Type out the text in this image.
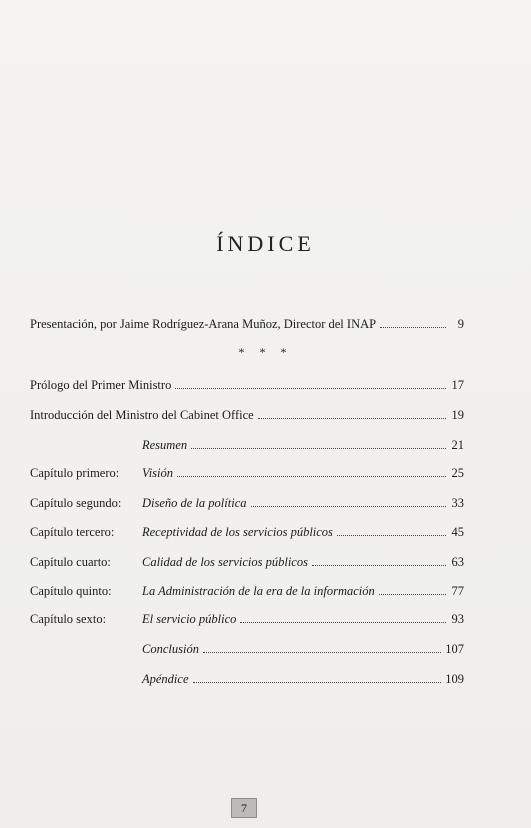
ÍNDICE
Presentación, por Jaime Rodríguez-Arana Muñoz, Director del INAP	9
* * *
Prólogo del Primer Ministro	17
Introducción del Ministro del Cabinet Office	19
Resumen	21
Capítulo primero:	Visión	25
Capítulo segundo:	Diseño de la política	33
Capítulo tercero:	Receptividad de los servicios públicos	45
Capítulo cuarto:	Calidad de los servicios públicos	63
Capítulo quinto:	La Administración de la era de la información	77
Capítulo sexto:	El servicio público	93
Conclusión	107
Apéndice	109
7
